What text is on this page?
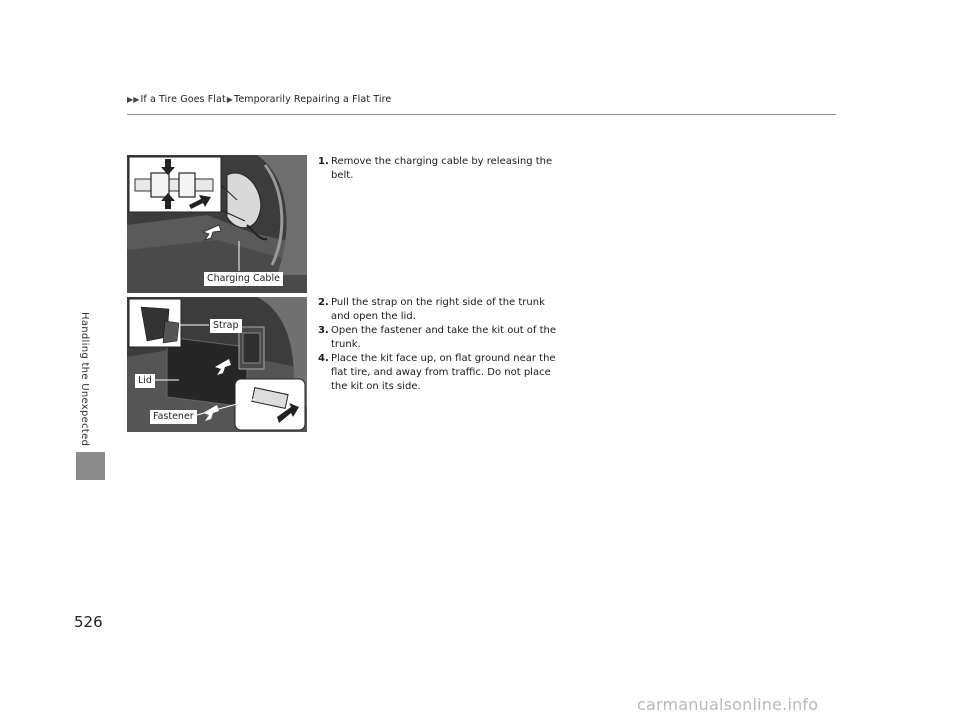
▶▶ If a Tire Goes Flat ▶ Temporarily Repairing a Flat Tire
Handling the Unexpected
Charging Cable
Strap
Lid
Fastener
1. Remove the charging cable by releasing the belt.
2. Pull the strap on the right side of the trunk and open the lid.
3. Open the fastener and take the kit out of the trunk.
4. Place the kit face up, on flat ground near the flat tire, and away from traffic. Do not place the kit on its side.
526
carmanualsonline.info
